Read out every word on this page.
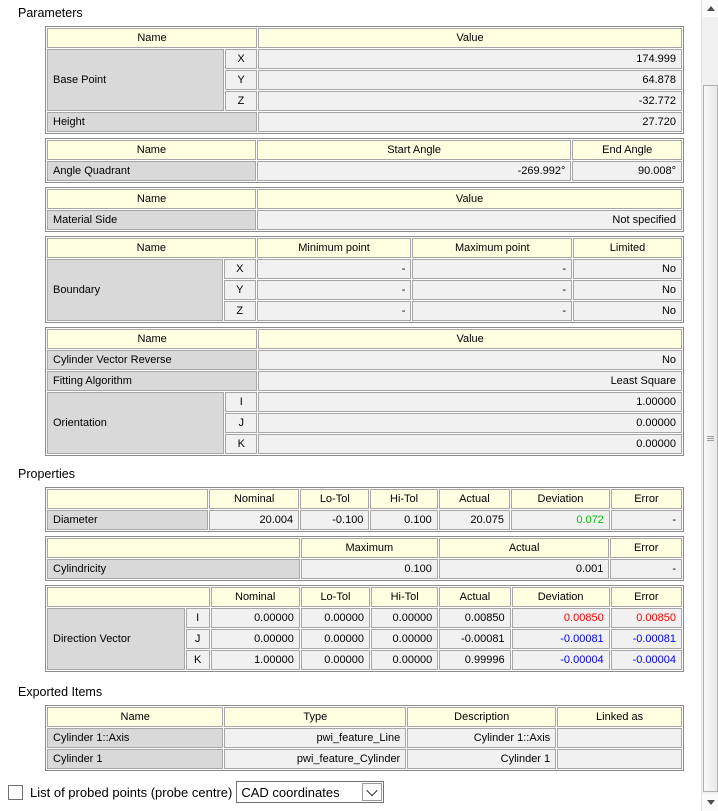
Parameters
Name		Value
Base Point	X	174.999
	Y	64.878
	Z	-32.772
Height		27.720
Name	Start Angle	End Angle
Angle Quadrant	-269.992°	90.008°
Name	Value
Material Side	Not specified
Name		Minimum point	Maximum point	Limited
Boundary	X	-	-	No
	Y	-	-	No
	Z	-	-	No
Name		Value
Cylinder Vector Reverse		No
Fitting Algorithm		Least Square
Orientation	I	1.00000
	J	0.00000
	K	0.00000
Properties
	Nominal	Lo-Tol	Hi-Tol	Actual	Deviation	Error
Diameter	20.004	-0.100	0.100	20.075	0.072	-
	Maximum	Actual	Error
Cylindricity	0.100	0.001	-
		Nominal	Lo-Tol	Hi-Tol	Actual	Deviation	Error
Direction Vector	I	0.00000	0.00000	0.00000	0.00850	0.00850	0.00850
	J	0.00000	0.00000	0.00000	-0.00081	-0.00081	-0.00081
	K	1.00000	0.00000	0.00000	0.99996	-0.00004	-0.00004
Exported Items
Name	Type	Description	Linked as
Cylinder 1::Axis	pwi_feature_Line	Cylinder 1::Axis	
Cylinder 1	pwi_feature_Cylinder	Cylinder 1	
List of probed points (probe centre) CAD coordinates
